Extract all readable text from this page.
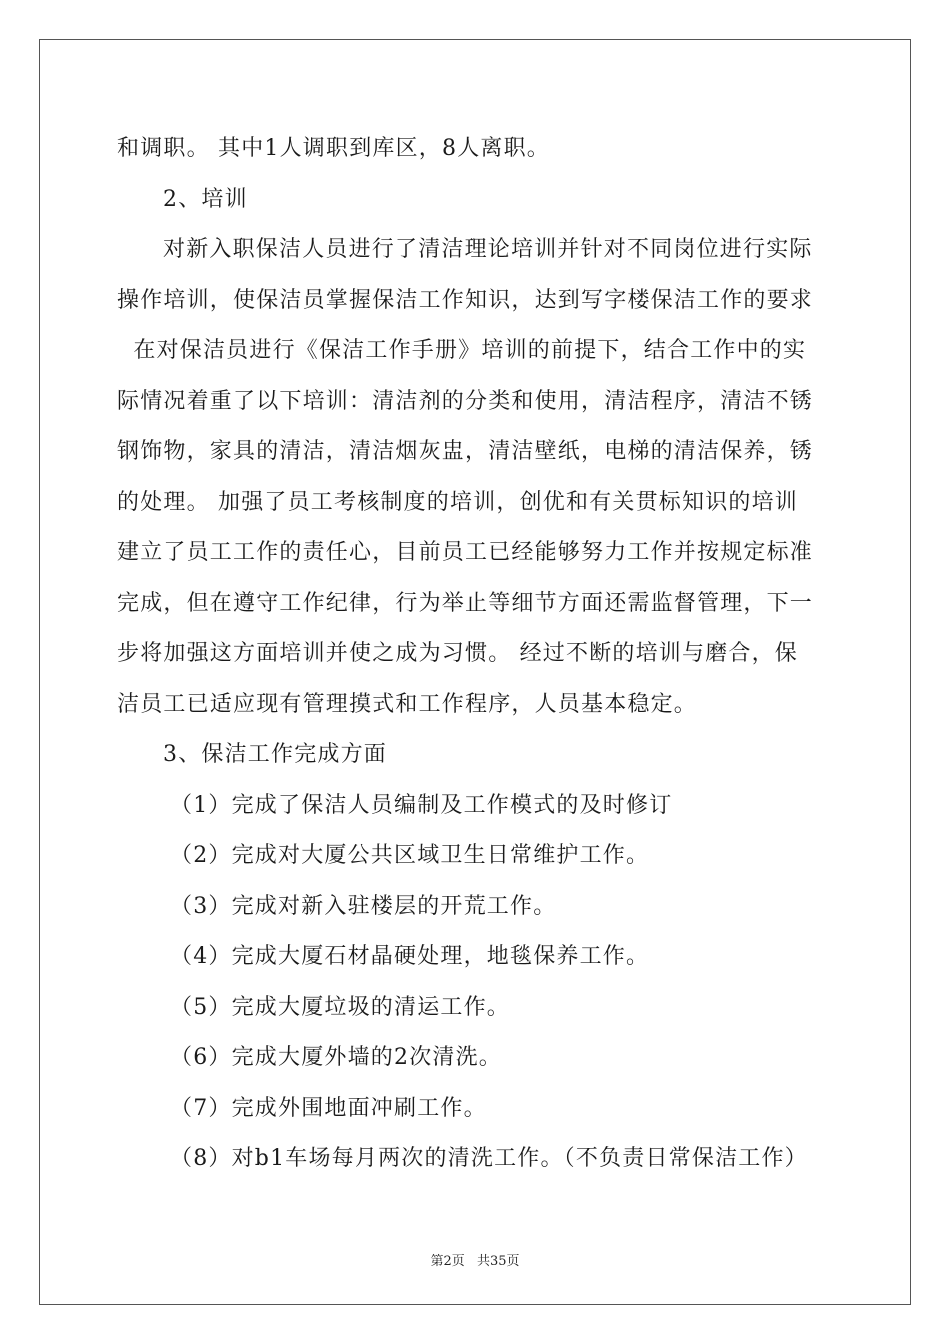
和调职。 其中1人调职到库区，8人离职。
2、培训
对新入职保洁人员进行了清洁理论培训并针对不同岗位进行实际
操作培训，使保洁员掌握保洁工作知识，达到写字楼保洁工作的要求
在对保洁员进行《保洁工作手册》培训的前提下，结合工作中的实
际情况着重了以下培训：清洁剂的分类和使用，清洁程序，清洁不锈
钢饰物，家具的清洁，清洁烟灰盅，清洁壁纸，电梯的清洁保养，锈
的处理。 加强了员工考核制度的培训，创优和有关贯标知识的培训
建立了员工工作的责任心，目前员工已经能够努力工作并按规定标准
完成，但在遵守工作纪律，行为举止等细节方面还需监督管理，下一
步将加强这方面培训并使之成为习惯。 经过不断的培训与磨合，保
洁员工已适应现有管理摸式和工作程序，人员基本稳定。
3、保洁工作完成方面
（1）完成了保洁人员编制及工作模式的及时修订
（2）完成对大厦公共区域卫生日常维护工作。
（3）完成对新入驻楼层的开荒工作。
（4）完成大厦石材晶硬处理，地毯保养工作。
（5）完成大厦垃圾的清运工作。
（6）完成大厦外墙的2次清洗。
（7）完成外围地面冲刷工作。
（8）对b1车场每月两次的清洗工作。（不负责日常保洁工作）
第2页 共35页
